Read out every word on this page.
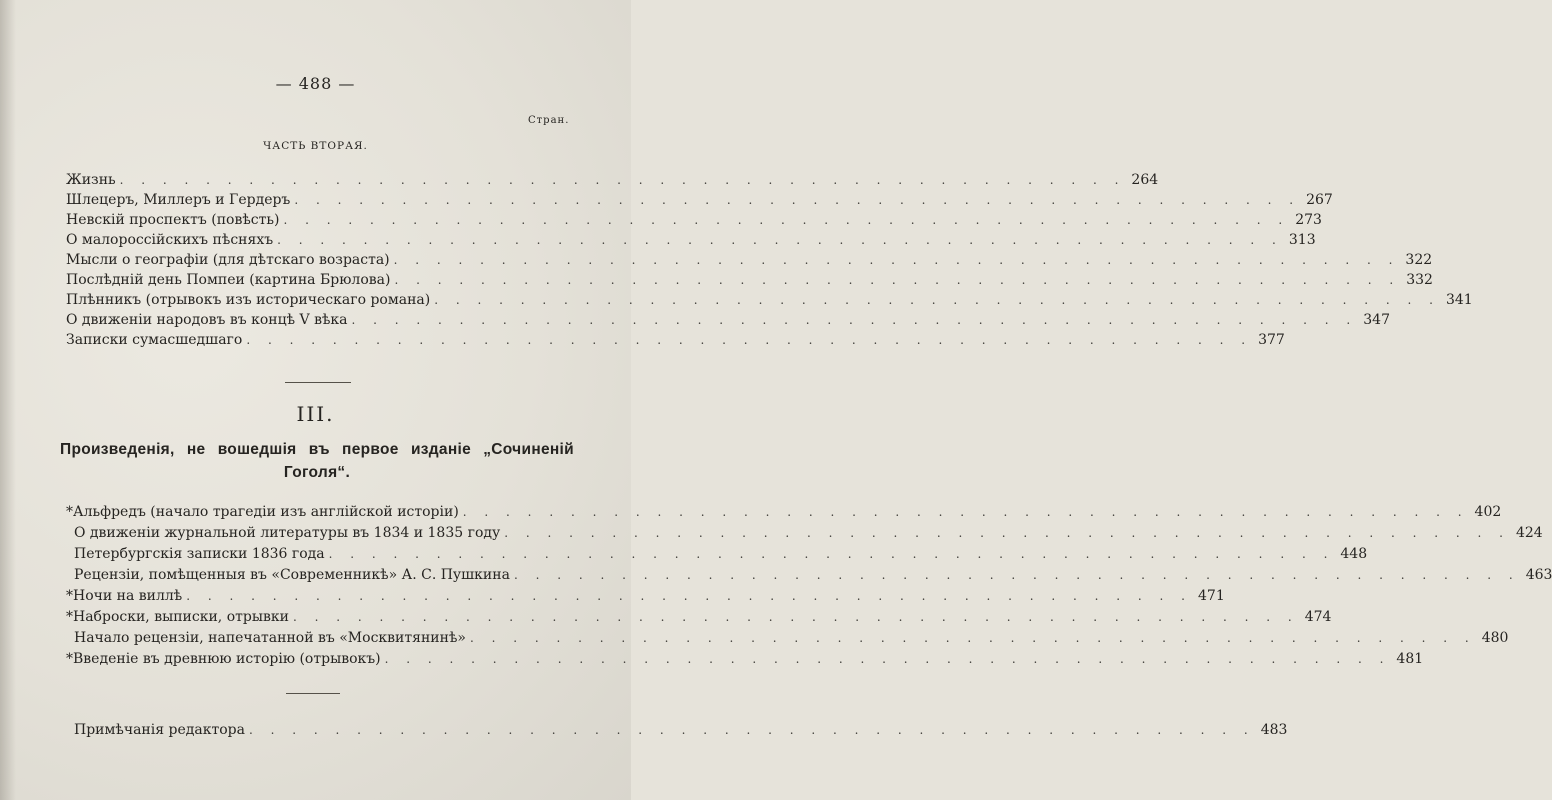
— 488 —
Стран.
ЧАСТЬ ВТОРАЯ.
Жизнь . . . . . . . . . . . . . . . . . . . . . . . . . . . . . . . . . . . . . . . . . . . . . . . 264
Шлецеръ, Миллеръ и Гердеръ . . . . . . . . . . . . . . . . . . . . . . . . . . . . . . . . . . . . . . . . . . . . . . . 267
Невскій проспектъ (повѣсть) . . . . . . . . . . . . . . . . . . . . . . . . . . . . . . . . . . . . . . . . . . . . . . . 273
О малороссійскихъ пѣсняхъ . . . . . . . . . . . . . . . . . . . . . . . . . . . . . . . . . . . . . . . . . . . . . . . 313
Мысли о географіи (для дѣтскаго возраста) . . . . . . . . . . . . . . . . . . . . . . . . . . . . . . . . . . . . . . . . . . . . . . . 322
Послѣдній день Помпеи (картина Брюлова) . . . . . . . . . . . . . . . . . . . . . . . . . . . . . . . . . . . . . . . . . . . . . . . 332
Плѣнникъ (отрывокъ изъ историческаго романа) . . . . . . . . . . . . . . . . . . . . . . . . . . . . . . . . . . . . . . . . . . . . . . . 341
О движеніи народовъ въ концѣ V вѣка . . . . . . . . . . . . . . . . . . . . . . . . . . . . . . . . . . . . . . . . . . . . . . . 347
Записки сумасшедшаго . . . . . . . . . . . . . . . . . . . . . . . . . . . . . . . . . . . . . . . . . . . . . . . 377
III.
Произведенія, не вошедшія въ первое изданіе „Сочиненій
Гоголя“.
*Альфредъ (начало трагедіи изъ англійской исторіи) . . . . . . . . . . . . . . . . . . . . . . . . . . . . . . . . . . . . . . . . . . . . . . . 402
О движеніи журнальной литературы въ 1834 и 1835 году . . . . . . . . . . . . . . . . . . . . . . . . . . . . . . . . . . . . . . . . . . . . . . . 424
Петербургскія записки 1836 года . . . . . . . . . . . . . . . . . . . . . . . . . . . . . . . . . . . . . . . . . . . . . . . 448
Рецензіи, помѣщенныя въ «Современникѣ» А. С. Пушкина . . . . . . . . . . . . . . . . . . . . . . . . . . . . . . . . . . . . . . . . . . . . . . . 463
*Ночи на виллѣ . . . . . . . . . . . . . . . . . . . . . . . . . . . . . . . . . . . . . . . . . . . . . . . 471
*Наброски, выписки, отрывки . . . . . . . . . . . . . . . . . . . . . . . . . . . . . . . . . . . . . . . . . . . . . . . 474
Начало рецензіи, напечатанной въ «Москвитянинѣ» . . . . . . . . . . . . . . . . . . . . . . . . . . . . . . . . . . . . . . . . . . . . . . . 480
*Введеніе въ древнюю исторію (отрывокъ) . . . . . . . . . . . . . . . . . . . . . . . . . . . . . . . . . . . . . . . . . . . . . . . 481
Примѣчанія редактора . . . . . . . . . . . . . . . . . . . . . . . . . . . . . . . . . . . . . . . . . . . . . . . 483
